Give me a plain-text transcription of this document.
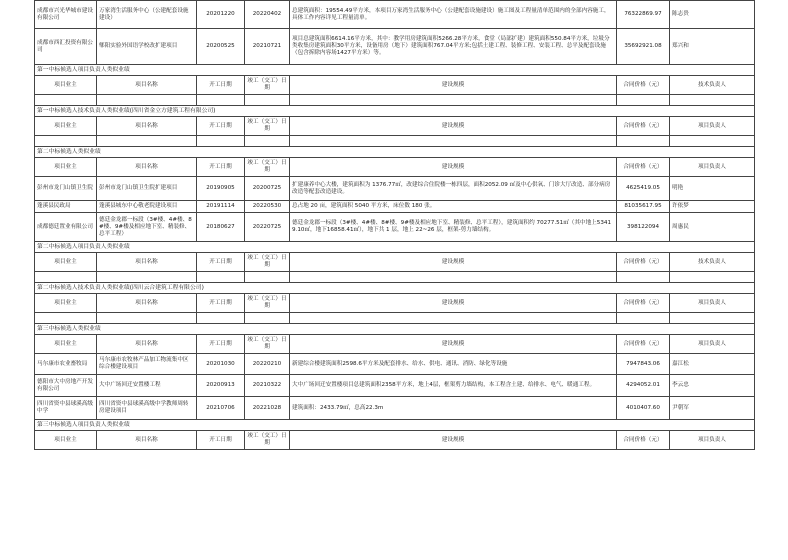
成都市兴光华城市建设有限公司	万家湾生活服务中心（公建配套设施建设）	20201220	20220402	总建筑面积：19554.49平方米，本项目万家湾生活服务中心（公建配套设施建设）施工图及工程量清单范围内的全部内容施工，具体工作内容详见工程量清单。	76322869.97	陈志贵
成都市西汇投资有限公司	郫阳实验外国语学校改扩建项目	20200525	20210721	项目总建筑面积6614.16平方米，其中：教学用房建筑面积5266.28平方米，食堂（局部扩建）建筑面积550.84平方米，垃圾分类收集房建筑面积30平方米，设备用房（地下）建筑面积767.04平方米;包括土建工程、装修工程、安装工程、总平及配套设施（包含拆除内容场1427平方米）等。	35692921.08	郑兴和
第一中标候选人项目负责人类似业绩						
项目业主	项目名称	开工日期	竣工（交工）日期	建设规模	合同价格（元）	技术负责人

第一中标候选人技术负责人类似业绩(四川省金立方建筑工程有限公司)						
项目业主	项目名称	开工日期	竣工（交工）日期	建设规模	合同价格（元）	项目负责人

第二中标候选人类似业绩						
项目业主	项目名称	开工日期	竣工（交工）日期	建设规模	合同价格（元）	项目负责人
彭州市龙门山镇卫生院	彭州市龙门山镇卫生院扩建项目	20190905	20200725	扩建康养中心大楼，建筑面积为 1376.77㎡，改建综合住院楼一栋四层，面积2052.09 ㎡及中心供氧、门诊大厅改造、部分病房改造等配套改造建设。	4625419.05	明艳
蓬溪县民政局	蓬溪县城东中心敬老院建设项目	20191114	20220530	总占地 20 亩，建筑面积 5040 平方米，床位数 180 张。	81035617.95	许依梦
成都德廷置业有限公司	德廷金龙郡一标段（3#楼、4#楼、8#楼、9#楼及相应地下室、精装修、总平工程）	20180627	20220725	德廷金龙郡一标段（3#楼、4#楼、8#楼、9#楼及相应地下室、精装修、总平工程），建筑面积约 70277.51㎡（其中地上53419.10㎡，地下16858.41㎡），地下共 1 层，地上 22~26 层，框架-剪力墙结构。	398122094	周惠民
第二中标候选人项目负责人类似业绩						
项目业主	项目名称	开工日期	竣工（交工）日期	建设规模	合同价格（元）	技术负责人

第二中标候选人技术负责人类似业绩(四川云合建筑工程有限公司)						
项目业主	项目名称	开工日期	竣工（交工）日期	建设规模	合同价格（元）	项目负责人

第三中标候选人类似业绩						
项目业主	项目名称	开工日期	竣工（交工）日期	建设规模	合同价格（元）	项目负责人
马尔康市农业畜牧局	马尔康市农牧林产品加工物流集中区综合楼建设项目	20201030	20220210	新建综合楼建筑面积2598.6平方米及配套排水、给水、供电、通讯、消防、绿化等设施	7947843.06	嘉江松
德阳市大中房地产开发有限公司	大中广场回迁安置楼工程	20200913	20210322	大中广场回迁安置楼项目总建筑面积2358平方米，地上4层，框架剪力墙结构，本工程含土建、给排水、电气、暖通工程。	4294052.01	李云忠
四川省资中县球溪高级中学	四川省资中县球溪高级中学教师周转房建设项目	20210706	20221028	建筑面积：2433.79㎡，总高22.3m	4010407.60	尹朝军
第三中标候选人项目负责人类似业绩						
项目业主	项目名称	开工日期	竣工（交工）日期	建设规模	合同价格（元）	项目负责人
